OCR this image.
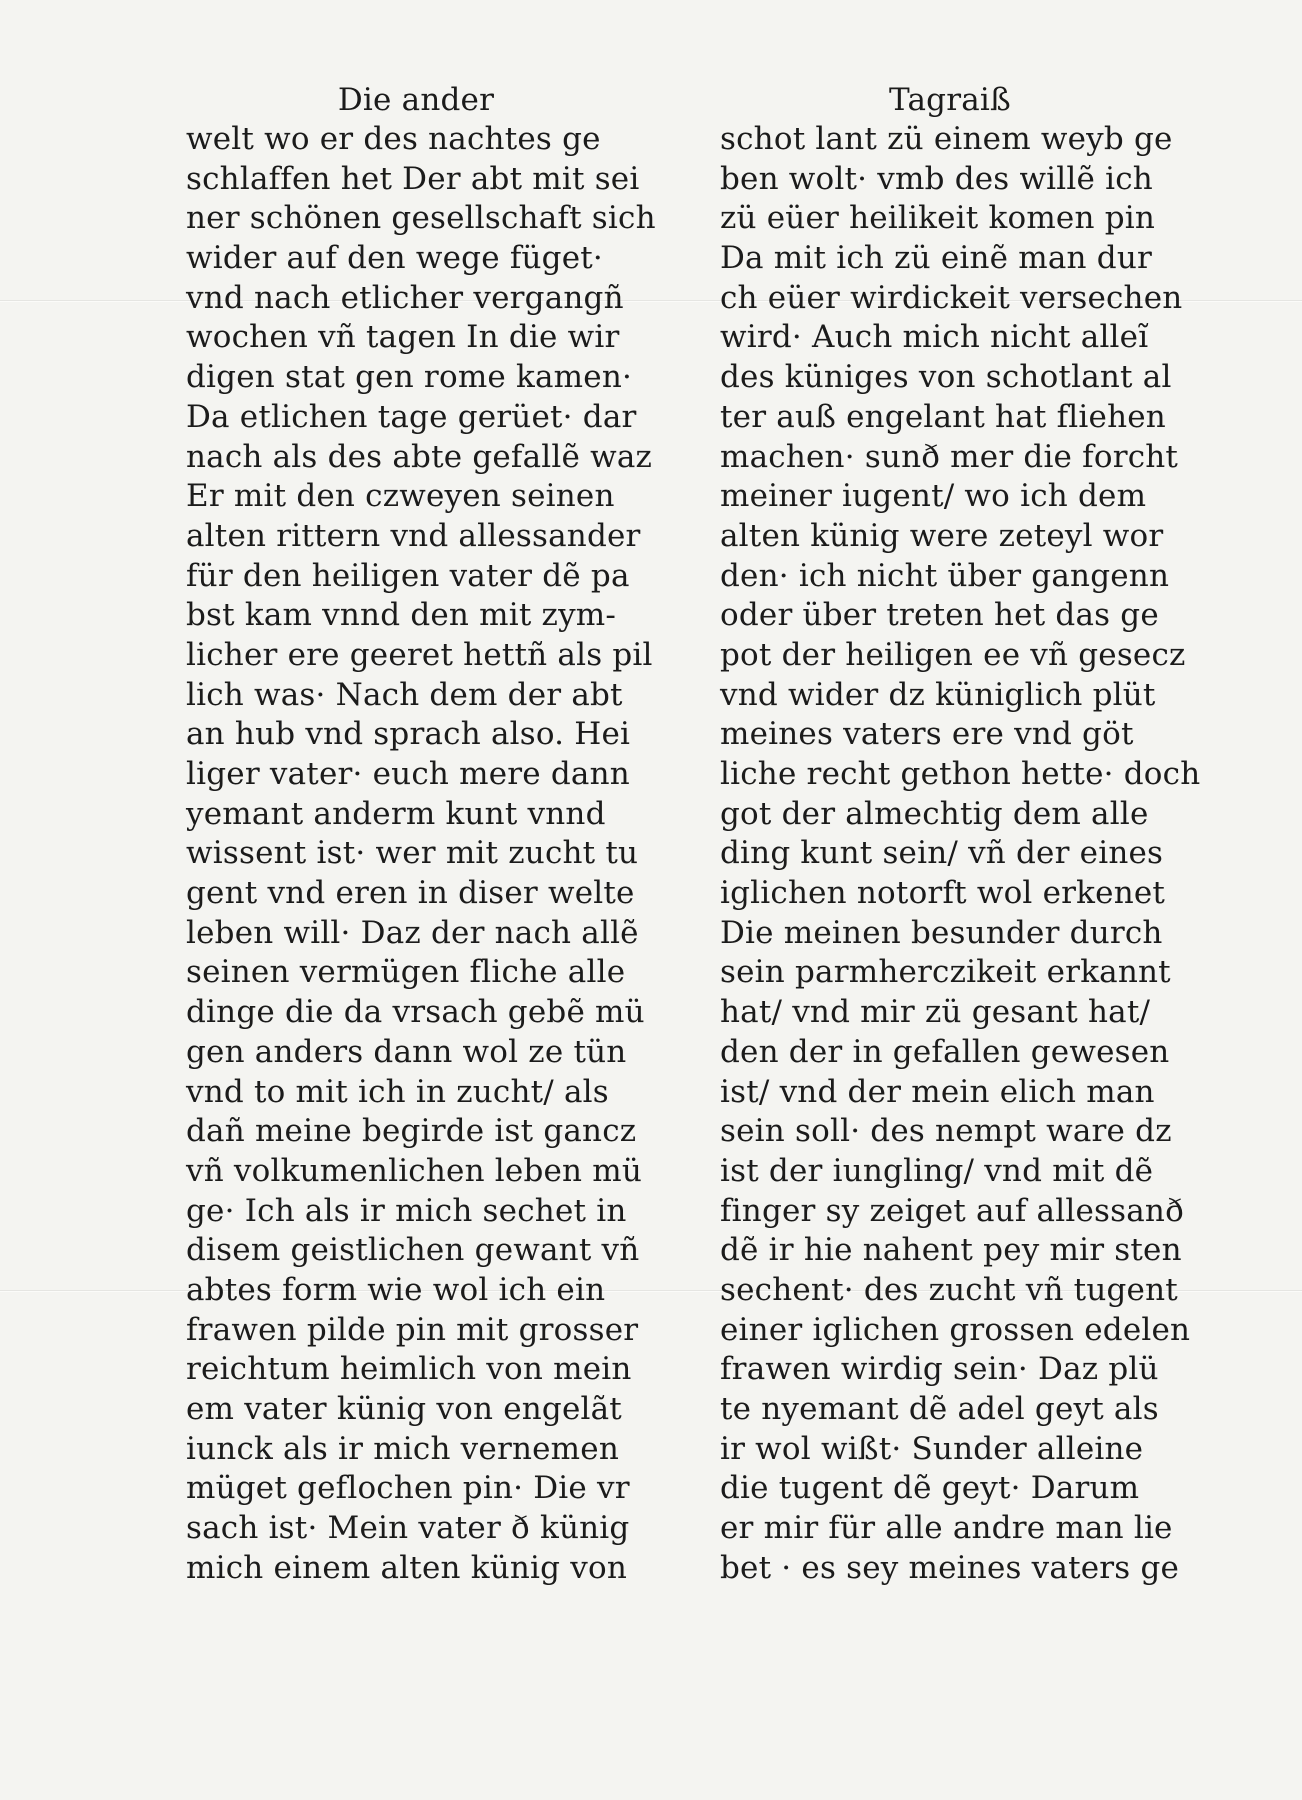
Die ander
welt wo er des nachtes ge
schlaffen het Der abt mit sei
ner schönen gesellschaft sich
wider auf den wege füget·
vnd nach etlicher vergangñ
wochen vñ tagen In die wir
digen stat gen rome kamen·
Da etlichen tage gerüet· dar
nach als des abte gefallẽ waz
Er mit den czweyen seinen
alten rittern vnd allessander
für den heiligen vater dẽ pa
bst kam vnnd den mit zym-
licher ere geeret hettñ als pil
lich was· Nach dem der abt
an hub vnd sprach also. Hei
liger vater· euch mere dann
yemant anderm kunt vnnd
wissent ist· wer mit zucht tu
gent vnd eren in diser welte
leben will· Daz der nach allẽ
seinen vermügen fliche alle
dinge die da vrsach gebẽ mü
gen anders dann wol ze tün
vnd to mit ich in zucht/ als
dañ meine begirde ist gancz
vñ volkumenlichen leben mü
ge· Ich als ir mich sechet in
disem geistlichen gewant vñ
abtes form wie wol ich ein
frawen pilde pin mit grosser
reichtum heimlich von mein
em vater künig von engelãt
iunck als ir mich vernemen
müget geflochen pin· Die vr
sach ist· Mein vater ð künig
mich einem alten künig von
Tagraiß
schot lant zü einem weyb ge
ben wolt· vmb des willẽ ich
zü eüer heilikeit komen pin
Da mit ich zü einẽ man dur
ch eüer wirdickeit versechen
wird· Auch mich nicht alleĩ
des küniges von schotlant al
ter auß engelant hat fliehen
machen· sunð mer die forcht
meiner iugent/ wo ich dem
alten künig were zeteyl wor
den· ich nicht über gangenn
oder über treten het das ge
pot der heiligen ee vñ gesecz
vnd wider dz küniglich plüt
meines vaters ere vnd göt
liche recht gethon hette· doch
got der almechtig dem alle
ding kunt sein/ vñ der eines
iglichen notorft wol erkenet
Die meinen besunder durch
sein parmherczikeit erkannt
hat/ vnd mir zü gesant hat/
den der in gefallen gewesen
ist/ vnd der mein elich man
sein soll· des nempt ware dz
ist der iungling/ vnd mit dẽ
finger sy zeiget auf allessanð
dẽ ir hie nahent pey mir sten
sechent· des zucht vñ tugent
einer iglichen grossen edelen
frawen wirdig sein· Daz plü
te nyemant dẽ adel geyt als
ir wol wißt· Sunder alleine
die tugent dẽ geyt· Darum
er mir für alle andre man lie
bet · es sey meines vaters ge
